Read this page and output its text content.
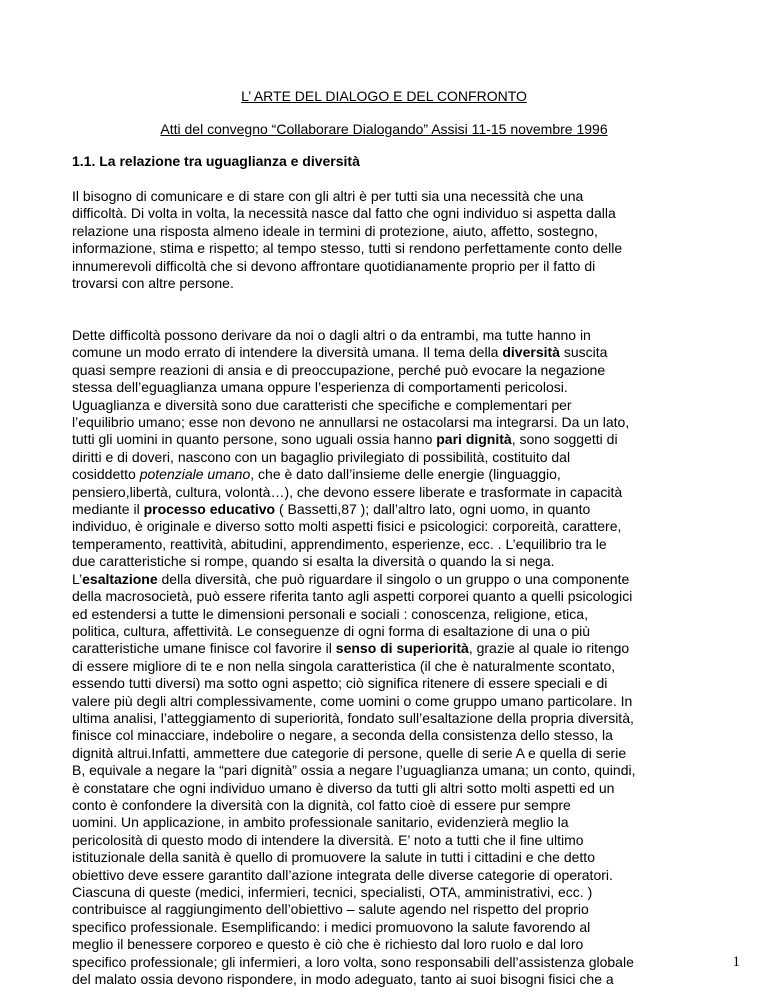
L’ ARTE DEL DIALOGO E DEL CONFRONTO
Atti del convegno “Collaborare Dialogando” Assisi 11-15 novembre 1996
1.1. La relazione tra uguaglianza e diversità
Il bisogno di comunicare e di stare con gli altri è per tutti sia una necessità che una
difficoltà. Di volta in volta, la necessità nasce dal fatto che ogni individuo si aspetta dalla
relazione una risposta almeno ideale in termini di protezione, aiuto, affetto, sostegno,
informazione, stima e rispetto; al tempo stesso, tutti si rendono perfettamente conto delle
innumerevoli difficoltà che si devono affrontare quotidianamente proprio per il fatto di
trovarsi con altre persone.
Dette difficoltà possono derivare da noi o dagli altri o da entrambi, ma tutte hanno in
comune un modo errato di intendere la diversità umana. Il tema della diversità suscita
quasi sempre reazioni di ansia e di preoccupazione, perché può evocare la negazione
stessa dell’eguaglianza umana oppure l’esperienza di comportamenti pericolosi.
Uguaglianza e diversità sono due caratteristi che specifiche e complementari per
l’equilibrio umano; esse non devono ne annullarsi ne ostacolarsi ma integrarsi. Da un lato,
tutti gli uomini in quanto persone, sono uguali ossia hanno pari dignità, sono soggetti di
diritti e di doveri, nascono con un bagaglio privilegiato di possibilità, costituito dal
cosiddetto potenziale umano, che è dato dall’insieme delle energie (linguaggio,
pensiero,libertà, cultura, volontà…), che devono essere liberate e trasformate in capacità
mediante il processo educativo ( Bassetti,87 ); dall’altro lato, ogni uomo, in quanto
individuo, è originale e diverso sotto molti aspetti fisici e psicologici: corporeità, carattere,
temperamento, reattività, abitudini, apprendimento, esperienze, ecc. . L’equilibrio tra le
due caratteristiche si rompe, quando si esalta la diversità o quando la si nega.
L’esaltazione della diversità, che può riguardare il singolo o un gruppo o una componente
della macrosocietà, può essere riferita tanto agli aspetti corporei quanto a quelli psicologici
ed estendersi a tutte le dimensioni personali e sociali : conoscenza, religione, etica,
politica, cultura, affettività. Le conseguenze di ogni forma di esaltazione di una o più
caratteristiche umane finisce col favorire il senso di superiorità, grazie al quale io ritengo
di essere migliore di te e non nella singola caratteristica (il che è naturalmente scontato,
essendo tutti diversi) ma sotto ogni aspetto; ciò significa ritenere di essere speciali e di
valere più degli altri complessivamente, come uomini o come gruppo umano particolare. In
ultima analisi, l’atteggiamento di superiorità, fondato sull’esaltazione della propria diversità,
finisce col minacciare, indebolire o negare, a seconda della consistenza dello stesso, la
dignità altrui.Infatti, ammettere due categorie di persone, quelle di serie A e quella di serie
B, equivale a negare la “pari dignità” ossia a negare l’uguaglianza umana; un conto, quindi,
è constatare che ogni individuo umano è diverso da tutti gli altri sotto molti aspetti ed un
conto è confondere la diversità con la dignità, col fatto cioè di essere pur sempre
uomini. Un applicazione, in ambito professionale sanitario, evidenzierà meglio la
pericolosità di questo modo di intendere la diversità. E’ noto a tutti che il fine ultimo
istituzionale della sanità è quello di promuovere la salute in tutti i cittadini e che detto
obiettivo deve essere garantito dall’azione integrata delle diverse categorie di operatori.
Ciascuna di queste (medici, infermieri, tecnici, specialisti, OTA, amministrativi, ecc. )
contribuisce al raggiungimento dell’obiettivo – salute agendo nel rispetto del proprio
specifico professionale. Esemplificando: i medici promuovono la salute favorendo al
meglio il benessere corporeo e questo è ciò che è richiesto dal loro ruolo e dal loro
specifico professionale; gli infermieri, a loro volta, sono responsabili dell’assistenza globale
del malato ossia devono rispondere, in modo adeguato, tanto ai suoi bisogni fisici che a
1
